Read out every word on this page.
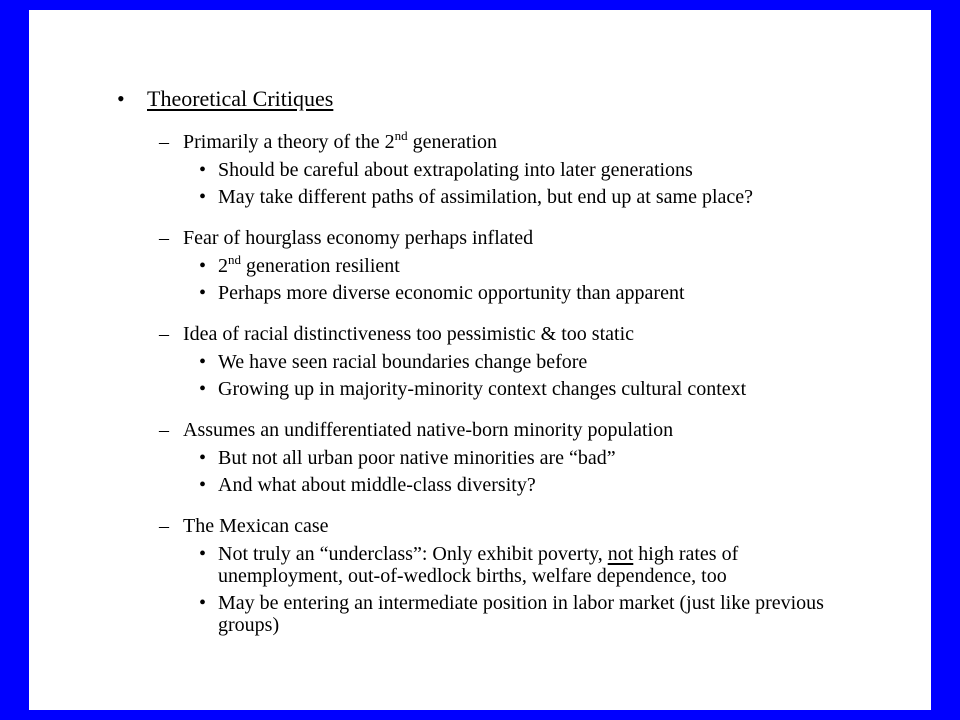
• Theoretical Critiques
– Primarily a theory of the 2nd generation
• Should be careful about extrapolating into later generations
• May take different paths of assimilation, but end up at same place?
– Fear of hourglass economy perhaps inflated
• 2nd generation resilient
• Perhaps more diverse economic opportunity than apparent
– Idea of racial distinctiveness too pessimistic & too static
• We have seen racial boundaries change before
• Growing up in majority-minority context changes cultural context
– Assumes an undifferentiated native-born minority population
• But not all urban poor native minorities are “bad”
• And what about middle-class diversity?
– The Mexican case
• Not truly an “underclass”: Only exhibit poverty, not high rates of unemployment, out-of-wedlock births, welfare dependence, too
• May be entering an intermediate position in labor market (just like previous groups)
